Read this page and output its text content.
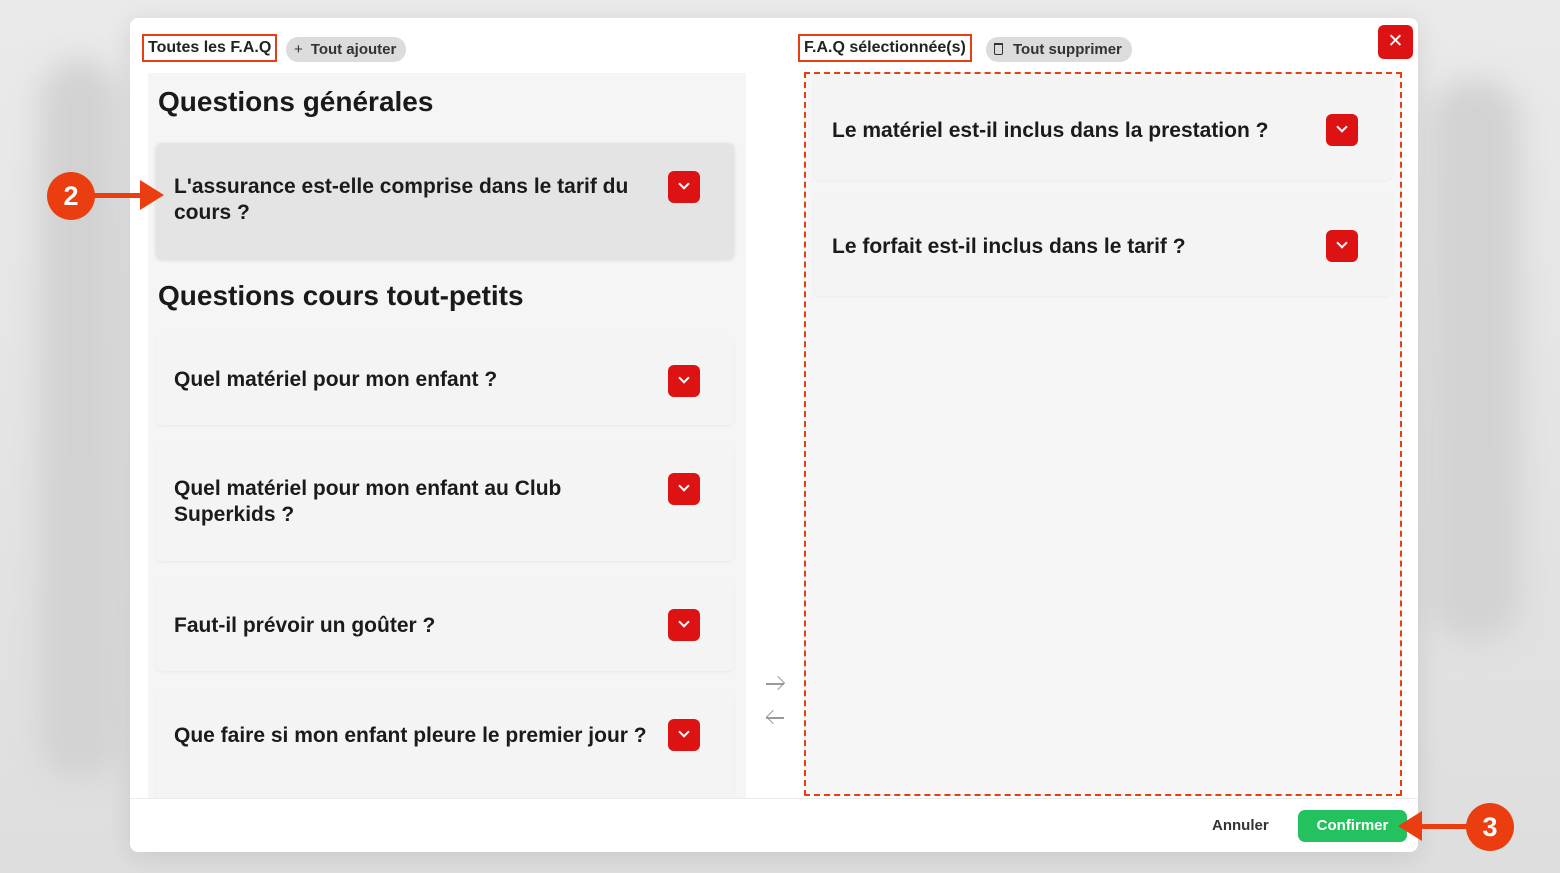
Toutes les F.A.Q	+ Tout ajouter	F.A.Q sélectionnée(s)	Tout supprimer	✕
Questions générales
L'assurance est-elle comprise dans le tarif du cours ?
Questions cours tout-petits
Quel matériel pour mon enfant ?
Quel matériel pour mon enfant au Club Superkids ?
Faut-il prévoir un goûter ?
Que faire si mon enfant pleure le premier jour ?
Le matériel est-il inclus dans la prestation ?
Le forfait est-il inclus dans le tarif ?
Annuler	Confirmer
2
3
